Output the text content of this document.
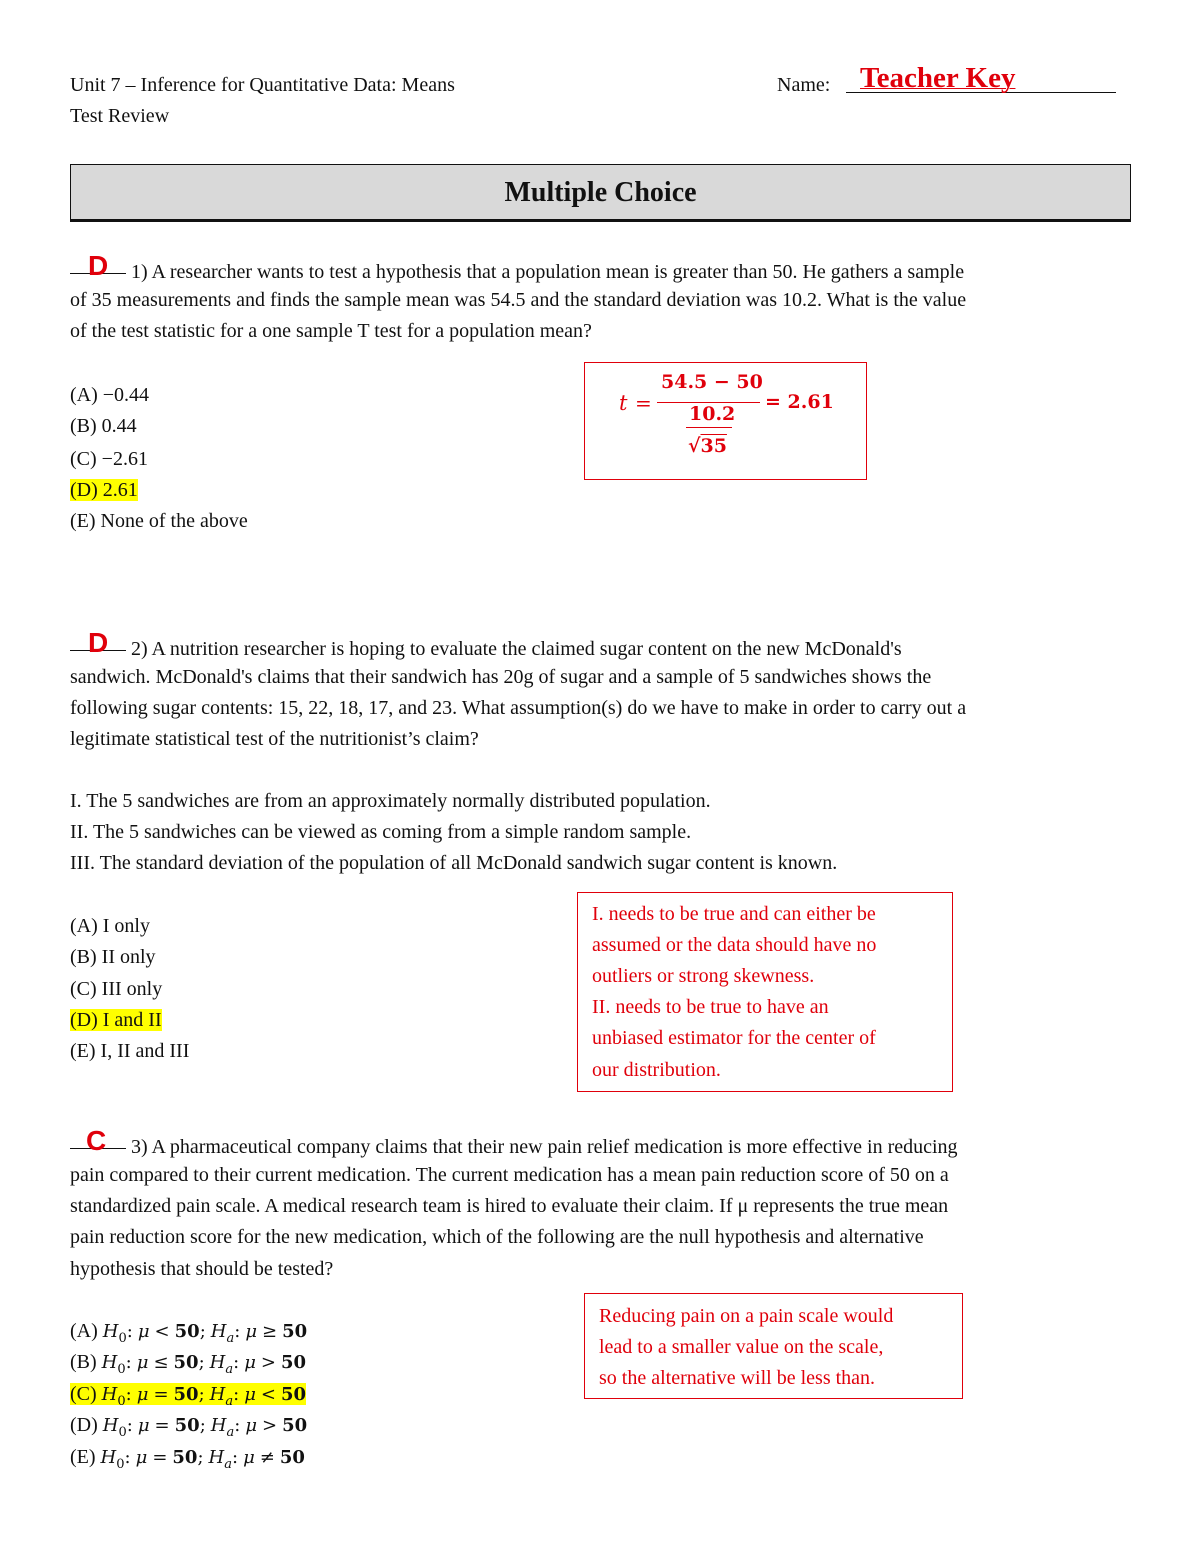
Unit 7 – Inference for Quantitative Data: Means
Test Review
Name: Teacher Key
Multiple Choice
D 1) A researcher wants to test a hypothesis that a population mean is greater than 50. He gathers a sample
of 35 measurements and finds the sample mean was 54.5 and the standard deviation was 10.2. What is the value
of the test statistic for a one sample T test for a population mean?
(A) −0.44
(B) 0.44
(C) −2.61
(D) 2.61
(E) None of the above
t =
54.5 − 50
10.2
√35
= 2.61
D 2) A nutrition researcher is hoping to evaluate the claimed sugar content on the new McDonald's
sandwich. McDonald's claims that their sandwich has 20g of sugar and a sample of 5 sandwiches shows the
following sugar contents: 15, 22, 18, 17, and 23. What assumption(s) do we have to make in order to carry out a
legitimate statistical test of the nutritionist’s claim?
I. The 5 sandwiches are from an approximately normally distributed population.
II. The 5 sandwiches can be viewed as coming from a simple random sample.
III. The standard deviation of the population of all McDonald sandwich sugar content is known.
(A) I only
(B) II only
(C) III only
(D) I and II
(E) I, II and III
I. needs to be true and can either be
assumed or the data should have no
outliers or strong skewness.
II. needs to be true to have an
unbiased estimator for the center of
our distribution.
C 3) A pharmaceutical company claims that their new pain relief medication is more effective in reducing
pain compared to their current medication. The current medication has a mean pain reduction score of 50 on a
standardized pain scale. A medical research team is hired to evaluate their claim. If μ represents the true mean
pain reduction score for the new medication, which of the following are the null hypothesis and alternative
hypothesis that should be tested?
(A) $H_0$: μ < 50; $H_a$: μ ≥ 50
(B) $H_0$: μ ≤ 50; $H_a$: μ > 50
(C) $H_0$: μ = 50; $H_a$: μ < 50
(D) $H_0$: μ = 50; $H_a$: μ > 50
(E) $H_0$: μ = 50; $H_a$: μ ≠ 50
Reducing pain on a pain scale would
lead to a smaller value on the scale,
so the alternative will be less than.
